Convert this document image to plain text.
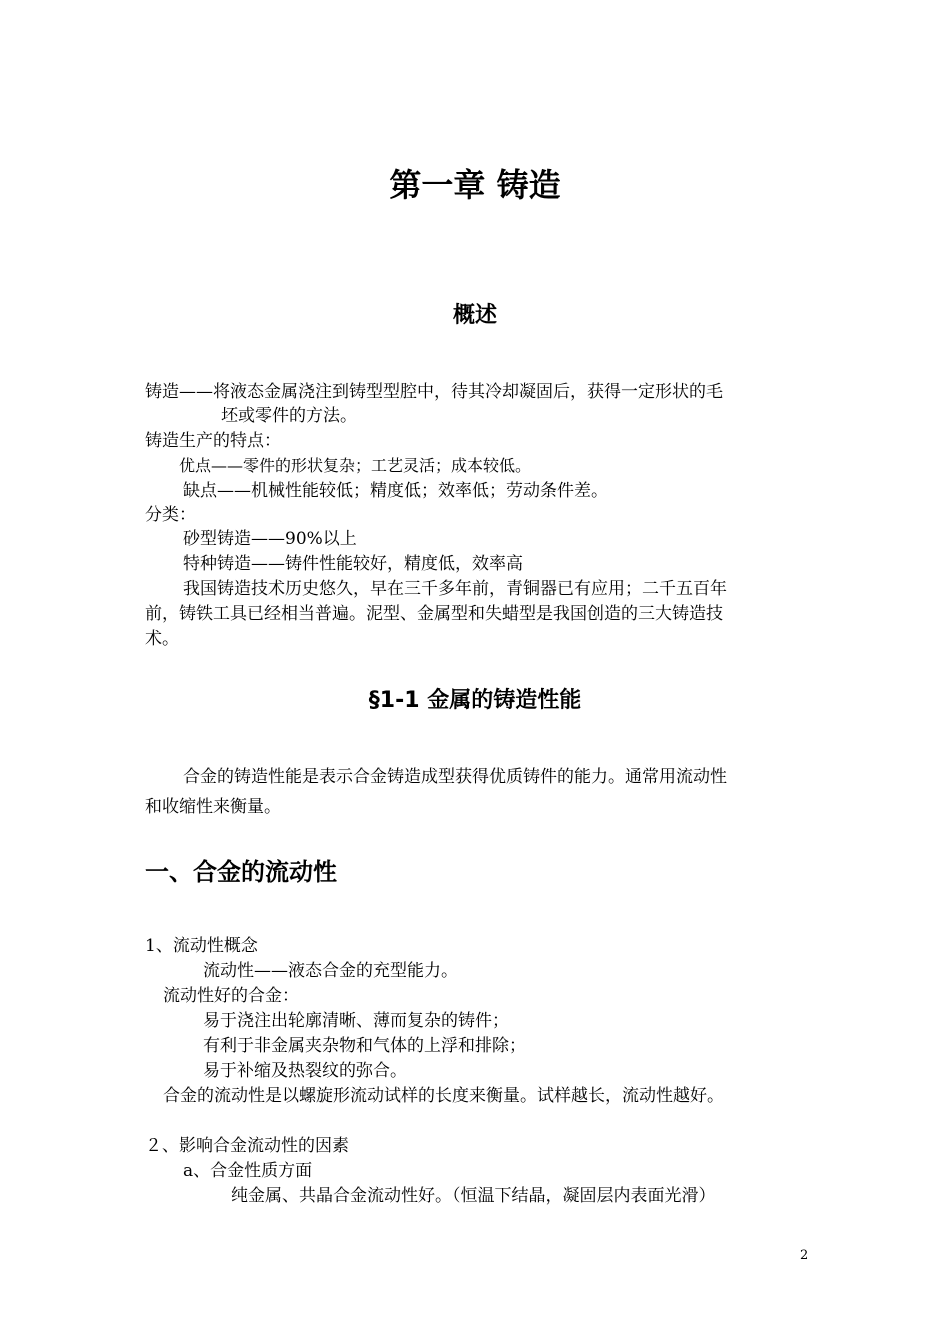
第一章 铸造
概述
铸造——将液态金属浇注到铸型型腔中，待其冷却凝固后，获得一定形状的毛
坯或零件的方法。
铸造生产的特点：
优点——零件的形状复杂；工艺灵活；成本较低。
缺点——机械性能较低；精度低；效率低；劳动条件差。
分类：
砂型铸造——90%以上
特种铸造——铸件性能较好，精度低，效率高
我国铸造技术历史悠久，早在三千多年前，青铜器已有应用；二千五百年
前，铸铁工具已经相当普遍。泥型、金属型和失蜡型是我国创造的三大铸造技
术。
§1-1 金属的铸造性能
合金的铸造性能是表示合金铸造成型获得优质铸件的能力。通常用流动性
和收缩性来衡量。
一、合金的流动性
1、流动性概念
流动性——液态合金的充型能力。
流动性好的合金：
易于浇注出轮廓清晰、薄而复杂的铸件；
有利于非金属夹杂物和气体的上浮和排除；
易于补缩及热裂纹的弥合。
合金的流动性是以螺旋形流动试样的长度来衡量。试样越长，流动性越好。
２、影响合金流动性的因素
a、合金性质方面
纯金属、共晶合金流动性好。（恒温下结晶，凝固层内表面光滑）
2
